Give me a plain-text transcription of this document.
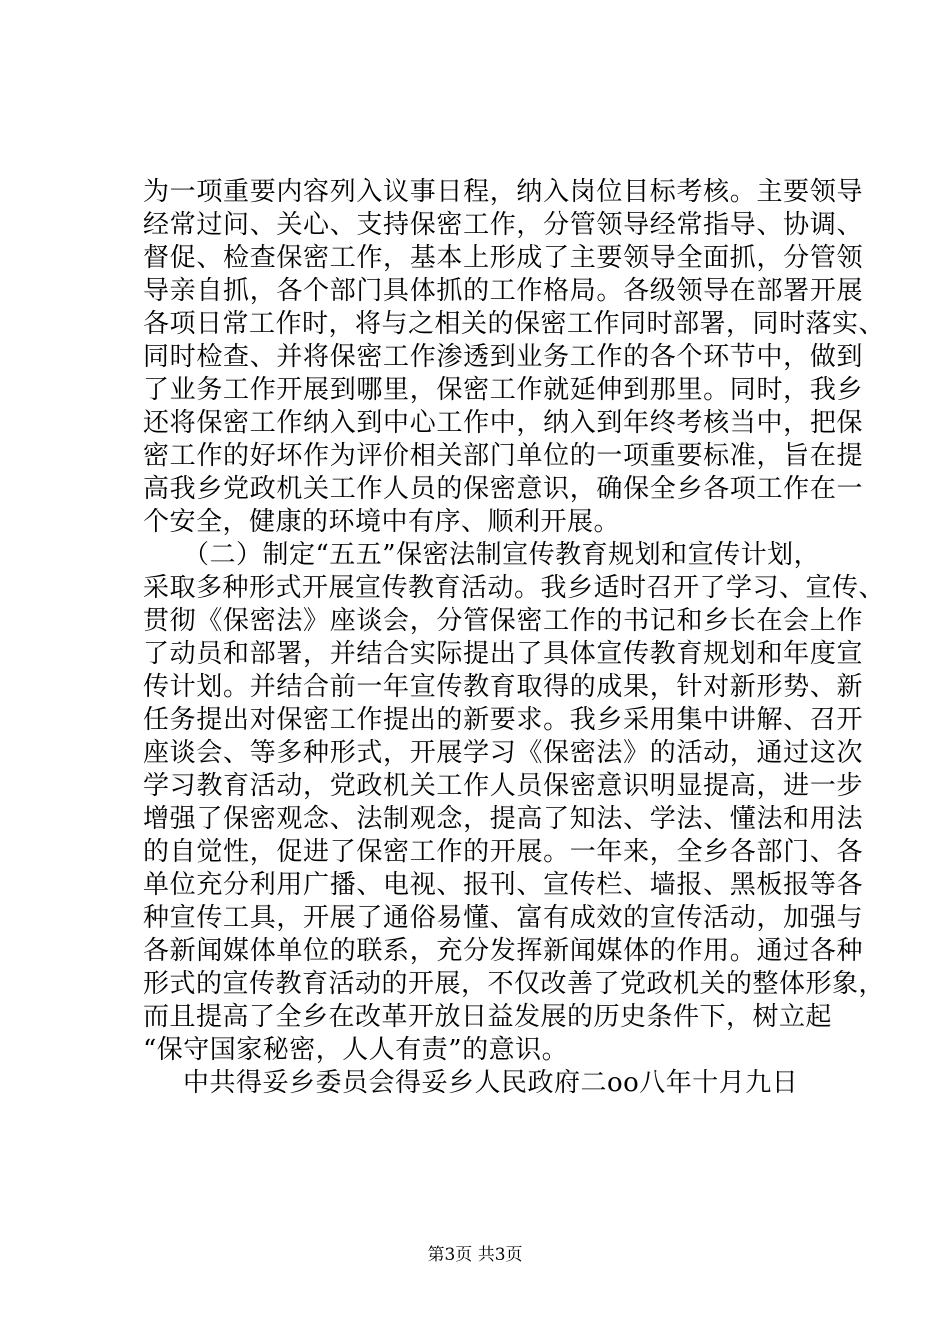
为一项重要内容列入议事日程，纳入岗位目标考核。主要领导
经常过问、关心、支持保密工作，分管领导经常指导、协调、
督促、检查保密工作，基本上形成了主要领导全面抓，分管领
导亲自抓，各个部门具体抓的工作格局。各级领导在部署开展
各项日常工作时，将与之相关的保密工作同时部署，同时落实、
同时检查、并将保密工作渗透到业务工作的各个环节中，做到
了业务工作开展到哪里，保密工作就延伸到那里。同时，我乡
还将保密工作纳入到中心工作中，纳入到年终考核当中，把保
密工作的好坏作为评价相关部门单位的一项重要标准，旨在提
高我乡党政机关工作人员的保密意识，确保全乡各项工作在一
个安全，健康的环境中有序、顺利开展。
（二）制定“五五”保密法制宣传教育规划和宣传计划，
采取多种形式开展宣传教育活动。我乡适时召开了学习、宣传、
贯彻《保密法》座谈会，分管保密工作的书记和乡长在会上作
了动员和部署，并结合实际提出了具体宣传教育规划和年度宣
传计划。并结合前一年宣传教育取得的成果，针对新形势、新
任务提出对保密工作提出的新要求。我乡采用集中讲解、召开
座谈会、等多种形式，开展学习《保密法》的活动，通过这次
学习教育活动，党政机关工作人员保密意识明显提高，进一步
增强了保密观念、法制观念，提高了知法、学法、懂法和用法
的自觉性，促进了保密工作的开展。一年来，全乡各部门、各
单位充分利用广播、电视、报刊、宣传栏、墙报、黑板报等各
种宣传工具，开展了通俗易懂、富有成效的宣传活动，加强与
各新闻媒体单位的联系，充分发挥新闻媒体的作用。通过各种
形式的宣传教育活动的开展，不仅改善了党政机关的整体形象，
而且提高了全乡在改革开放日益发展的历史条件下，树立起
“保守国家秘密，人人有责”的意识。
中共得妥乡委员会得妥乡人民政府二oo八年十月九日
第3页 共3页
